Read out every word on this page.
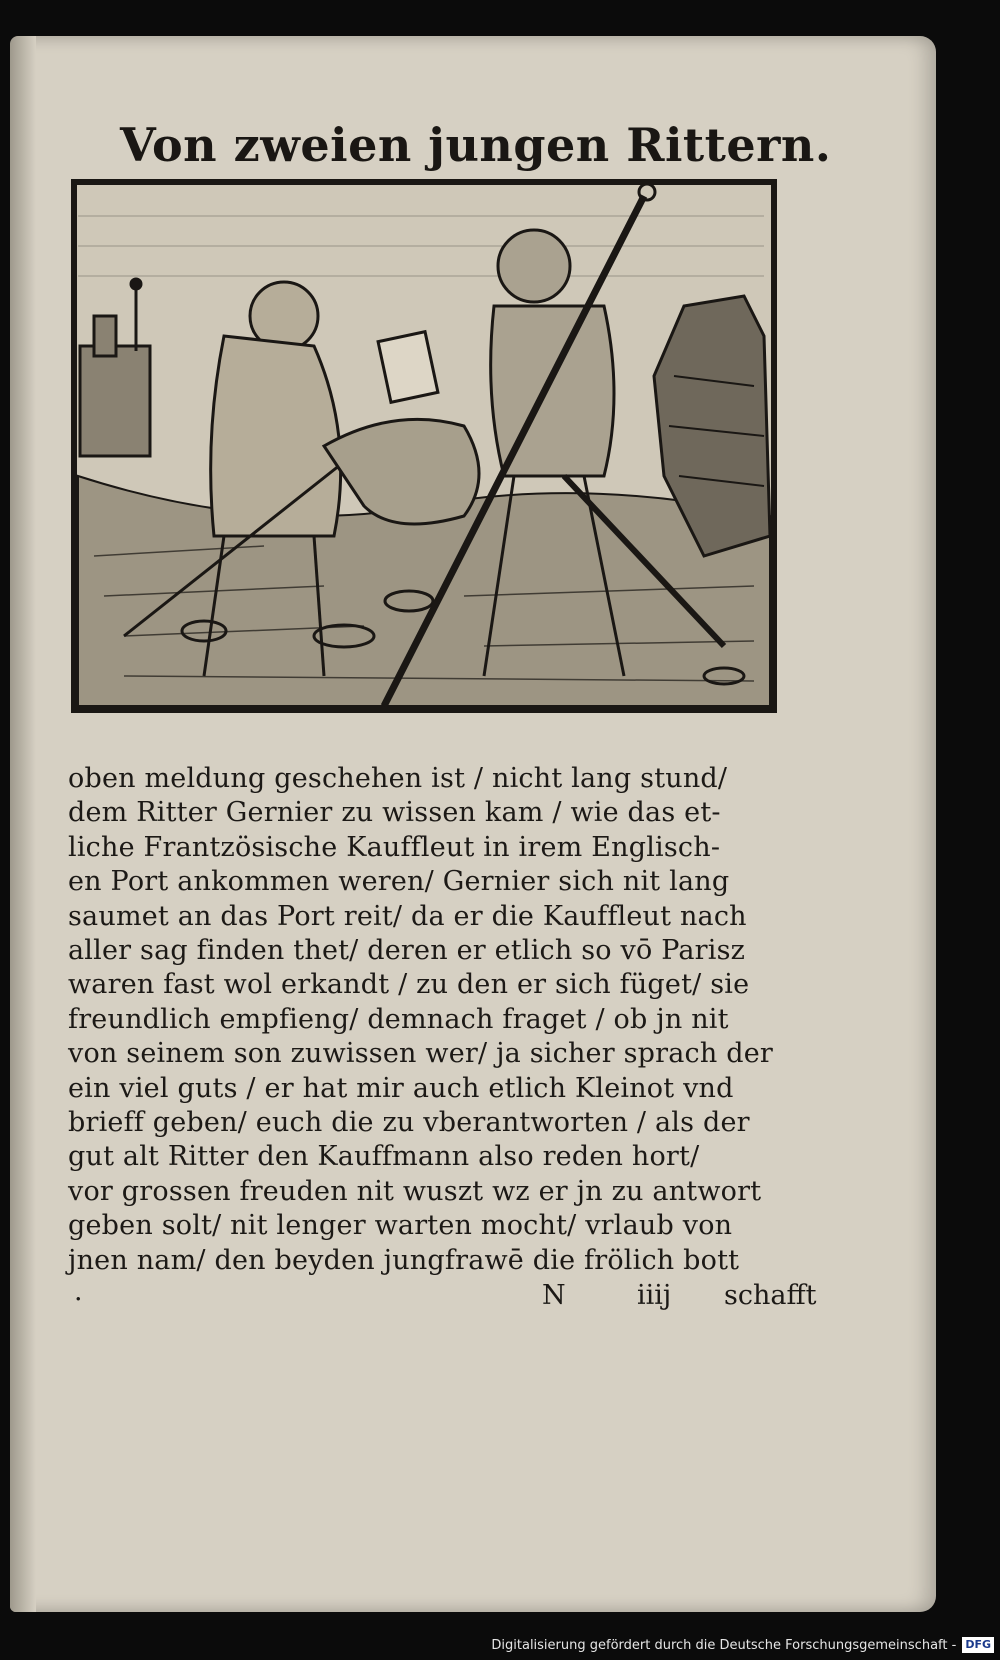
Von zweien jungen Rittern.
oben meldung geschehen ist / nicht lang stund/
dem Ritter Gernier zu wissen kam / wie das et-
liche Frantzösische Kauffleut in irem Englisch-
en Port ankommen weren/ Gernier sich nit lang
saumet an das Port reit/ da er die Kauffleut nach
aller sag finden thet/ deren er etlich so vō Parisz
waren fast wol erkandt / zu den er sich füget/ sie
freundlich empfieng/ demnach fraget / ob jn nit
von seinem son zuwissen wer/ ja sicher sprach der
ein viel guts / er hat mir auch etlich Kleinot vnd
brieff geben/ euch die zu vberantworten / als der
gut alt Ritter den Kauffmann also reden hort/
vor grossen freuden nit wuszt wz er jn zu antwort
geben solt/ nit lenger warten mocht/ vrlaub von
jnen nam/ den beyden jungfrawē die frölich bott
·	N	iiij schafft
Digitalisierung gefördert durch die Deutsche Forschungsgemeinschaft - DFG
